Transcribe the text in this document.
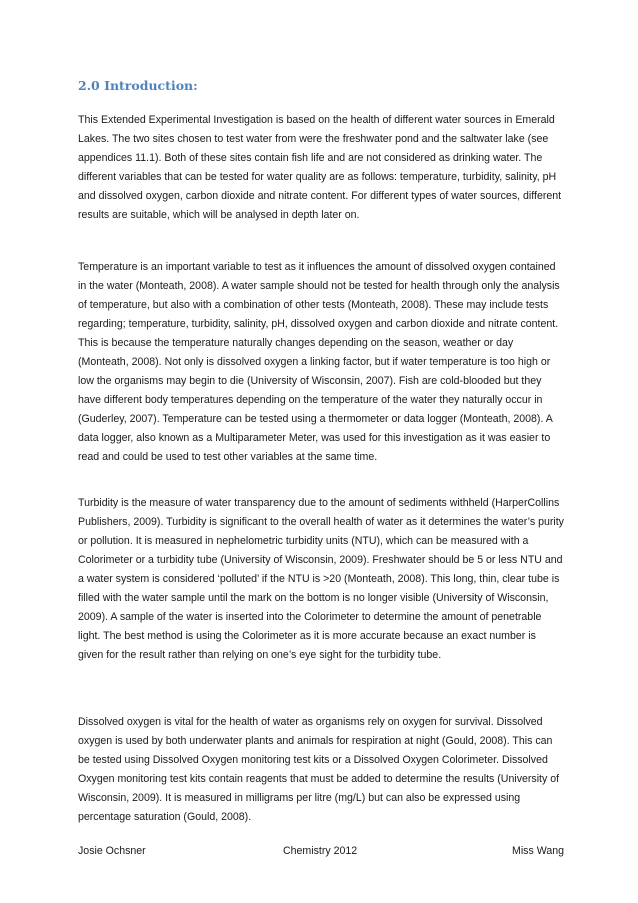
2.0 Introduction:

This Extended Experimental Investigation is based on the health of different water sources in Emerald Lakes. The two sites chosen to test water from were the freshwater pond and the saltwater lake (see appendices 11.1). Both of these sites contain fish life and are not considered as drinking water. The different variables that can be tested for water quality are as follows: temperature, turbidity, salinity, pH and dissolved oxygen, carbon dioxide and nitrate content. For different types of water sources, different results are suitable, which will be analysed in depth later on.

Temperature is an important variable to test as it influences the amount of dissolved oxygen contained in the water (Monteath, 2008). A water sample should not be tested for health through only the analysis of temperature, but also with a combination of other tests (Monteath, 2008). These may include tests regarding; temperature, turbidity, salinity, pH, dissolved oxygen and carbon dioxide and nitrate content. This is because the temperature naturally changes depending on the season, weather or day (Monteath, 2008). Not only is dissolved oxygen a linking factor, but if water temperature is too high or low the organisms may begin to die (University of Wisconsin, 2007). Fish are cold-blooded but they have different body temperatures depending on the temperature of the water they naturally occur in (Guderley, 2007). Temperature can be tested using a thermometer or data logger (Monteath, 2008). A data logger, also known as a Multiparameter Meter, was used for this investigation as it was easier to read and could be used to test other variables at the same time.

Turbidity is the measure of water transparency due to the amount of sediments withheld (HarperCollins Publishers, 2009). Turbidity is significant to the overall health of water as it determines the water’s purity or pollution. It is measured in nephelometric turbidity units (NTU), which can be measured with a Colorimeter or a turbidity tube (University of Wisconsin, 2009). Freshwater should be 5 or less NTU and a water system is considered ‘polluted’ if the NTU is >20 (Monteath, 2008). This long, thin, clear tube is filled with the water sample until the mark on the bottom is no longer visible (University of Wisconsin, 2009). A sample of the water is inserted into the Colorimeter to determine the amount of penetrable light. The best method is using the Colorimeter as it is more accurate because an exact number is given for the result rather than relying on one’s eye sight for the turbidity tube.

Dissolved oxygen is vital for the health of water as organisms rely on oxygen for survival. Dissolved oxygen is used by both underwater plants and animals for respiration at night (Gould, 2008). This can be tested using Dissolved Oxygen monitoring test kits or a Dissolved Oxygen Colorimeter. Dissolved Oxygen monitoring test kits contain reagents that must be added to determine the results (University of Wisconsin, 2009). It is measured in milligrams per litre (mg/L) but can also be expressed using percentage saturation (Gould, 2008).

Josie Ochsner	Chemistry 2012	Miss Wang
